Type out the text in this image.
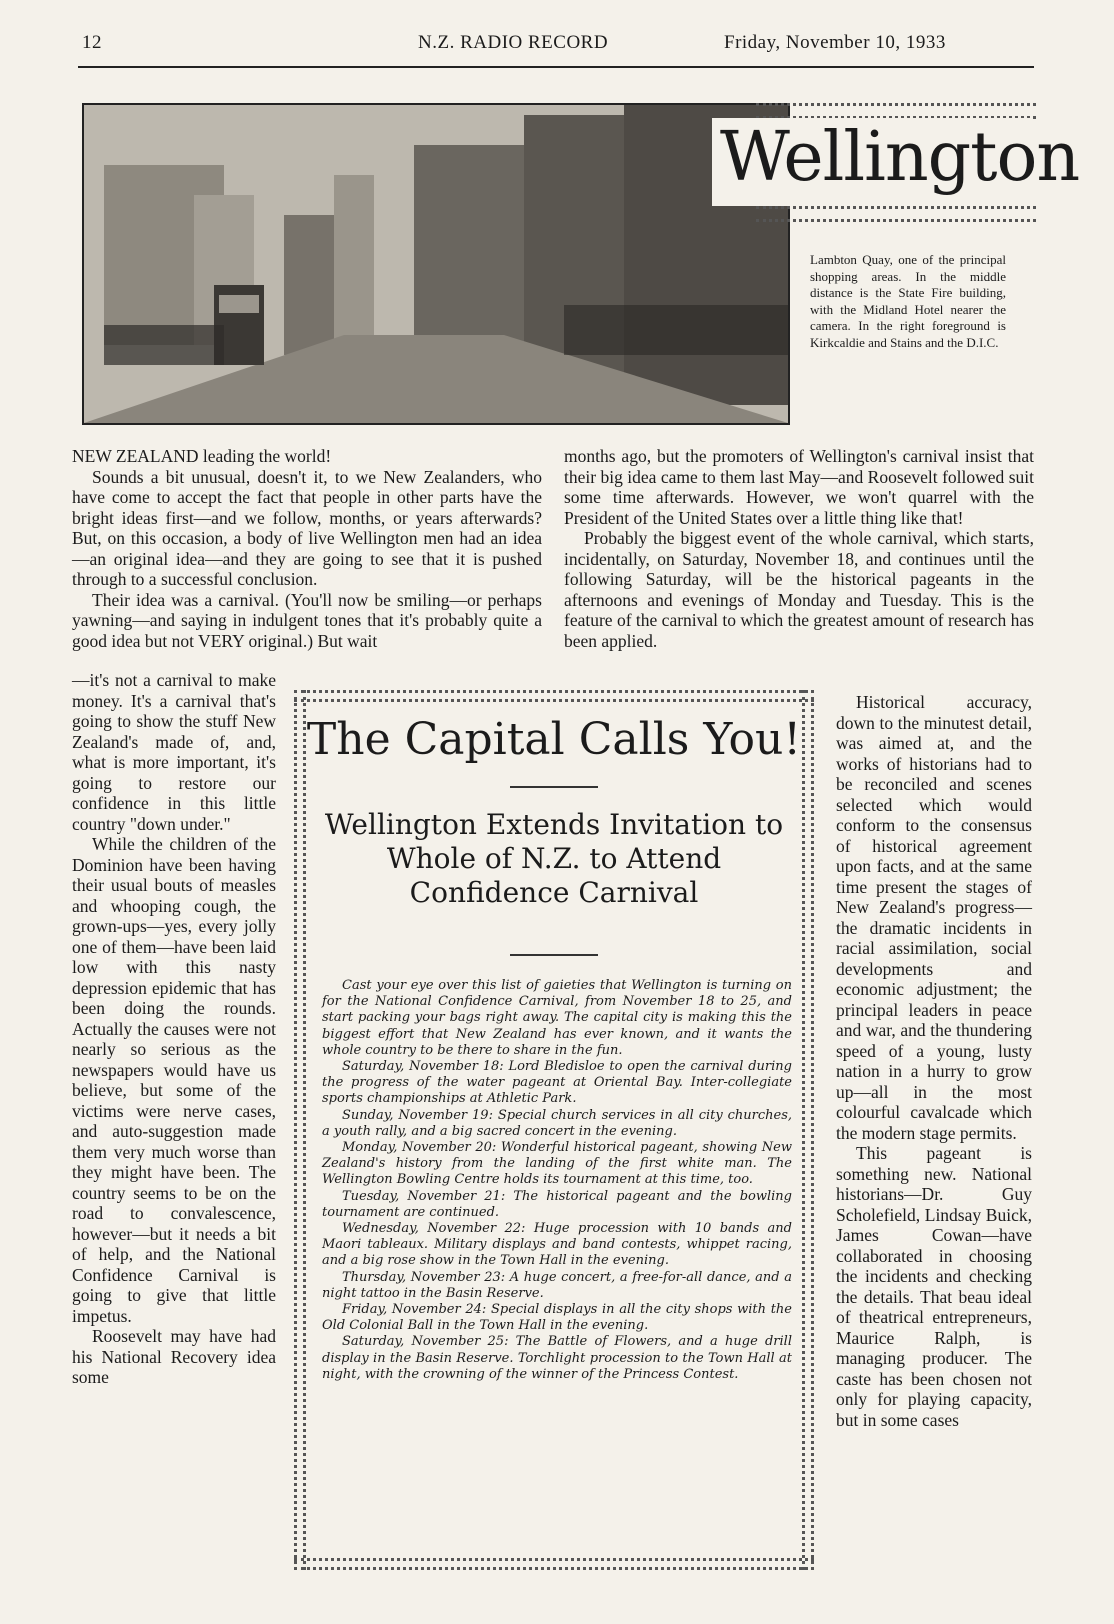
12	N.Z. RADIO RECORD	Friday, November 10, 1933
Wellington
Lambton Quay, one of the principal shopping areas. In the middle distance is the State Fire building, with the Midland Hotel nearer the camera. In the right foreground is Kirkcaldie and Stains and the D.I.C.

NEW ZEALAND leading the world!

Sounds a bit unusual, doesn't it, to we New Zealanders, who have come to accept the fact that people in other parts have the bright ideas first—and we follow, months, or years afterwards? But, on this occasion, a body of live Wellington men had an idea —an original idea—and they are going to see that it is pushed through to a successful conclusion.

Their idea was a carnival. (You'll now be smiling—or perhaps yawning—and saying in indulgent tones that it's probably quite a good idea but not VERY original.) But wait

—it's not a carnival to make money. It's a carnival that's going to show the stuff New Zealand's made of, and, what is more important, it's going to restore our confidence in this little country "down under."

While the children of the Dominion have been having their usual bouts of measles and whooping cough, the grown-ups—yes, every jolly one of them—have been laid low with this nasty depression epidemic that has been doing the rounds. Actually the causes were not nearly so serious as the newspapers would have us believe, but some of the victims were nerve cases, and auto-suggestion made them very much worse than they might have been. The country seems to be on the road to convalescence, however—but it needs a bit of help, and the National Confidence Carnival is going to give that little impetus.

Roosevelt may have had his National Recovery idea some

months ago, but the promoters of Wellington's carnival insist that their big idea came to them last May—and Roosevelt followed suit some time afterwards. However, we won't quarrel with the President of the United States over a little thing like that!

Probably the biggest event of the whole carnival, which starts, incidentally, on Saturday, November 18, and continues until the following Saturday, will be the historical pageants in the afternoons and evenings of Monday and Tuesday. This is the feature of the carnival to which the greatest amount of research has been applied.

Historical accuracy, down to the minutest detail, was aimed at, and the works of historians had to be reconciled and scenes selected which would conform to the consensus of historical agreement upon facts, and at the same time present the stages of New Zealand's progress—the dramatic incidents in racial assimilation, social developments and economic adjustment; the principal leaders in peace and war, and the thundering speed of a young, lusty nation in a hurry to grow up—all in the most colourful cavalcade which the modern stage permits.

This pageant is something new. National historians—Dr. Guy Scholefield, Lindsay Buick, James Cowan—have collaborated in choosing the incidents and checking the details. That beau ideal of theatrical entrepreneurs, Maurice Ralph, is managing producer. The caste has been chosen not only for playing capacity, but in some cases

The Capital Calls You!
Wellington Extends Invitation to Whole of N.Z. to Attend Confidence Carnival

Cast your eye over this list of gaieties that Wellington is turning on for the National Confidence Carnival, from November 18 to 25, and start packing your bags right away. The capital city is making this the biggest effort that New Zealand has ever known, and it wants the whole country to be there to share in the fun.

Saturday, November 18: Lord Bledisloe to open the carnival during the progress of the water pageant at Oriental Bay. Inter-collegiate sports championships at Athletic Park.

Sunday, November 19: Special church services in all city churches, a youth rally, and a big sacred concert in the evening.

Monday, November 20: Wonderful historical pageant, showing New Zealand's history from the landing of the first white man. The Wellington Bowling Centre holds its tournament at this time, too.

Tuesday, November 21: The historical pageant and the bowling tournament are continued.

Wednesday, November 22: Huge procession with 10 bands and Maori tableaux. Military displays and band contests, whippet racing, and a big rose show in the Town Hall in the evening.

Thursday, November 23: A huge concert, a free-for-all dance, and a night tattoo in the Basin Reserve.

Friday, November 24: Special displays in all the city shops with the Old Colonial Ball in the Town Hall in the evening.

Saturday, November 25: The Battle of Flowers, and a huge drill display in the Basin Reserve. Torchlight procession to the Town Hall at night, with the crowning of the winner of the Princess Contest.
